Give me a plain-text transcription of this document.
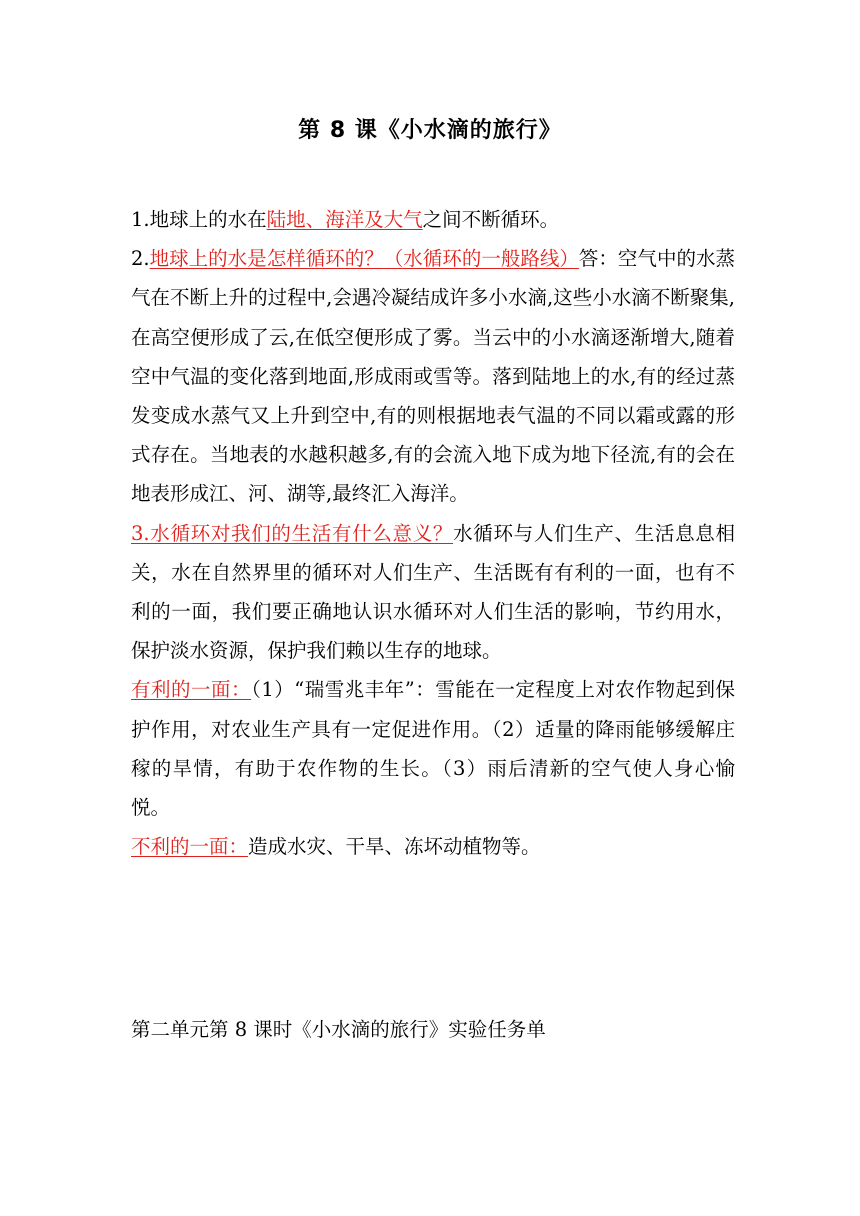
第 8 课《小水滴的旅行》

1.地球上的水在陆地、海洋及大气之间不断循环。

2.地球上的水是怎样循环的？（水循环的一般路线）答：空气中的水蒸气在不断上升的过程中,会遇冷凝结成许多小水滴,这些小水滴不断聚集,在高空便形成了云,在低空便形成了雾。当云中的小水滴逐渐增大,随着空中气温的变化落到地面,形成雨或雪等。落到陆地上的水,有的经过蒸发变成水蒸气又上升到空中,有的则根据地表气温的不同以霜或露的形式存在。当地表的水越积越多,有的会流入地下成为地下径流,有的会在地表形成江、河、湖等,最终汇入海洋。

3.水循环对我们的生活有什么意义？水循环与人们生产、生活息息相关，水在自然界里的循环对人们生产、生活既有有利的一面，也有不利的一面，我们要正确地认识水循环对人们生活的影响，节约用水，保护淡水资源，保护我们赖以生存的地球。

有利的一面：（1）“瑞雪兆丰年”：雪能在一定程度上对农作物起到保护作用，对农业生产具有一定促进作用。（2）适量的降雨能够缓解庄稼的旱情，有助于农作物的生长。（3）雨后清新的空气使人身心愉悦。

不利的一面：造成水灾、干旱、冻坏动植物等。

第二单元第 8 课时《小水滴的旅行》实验任务单
